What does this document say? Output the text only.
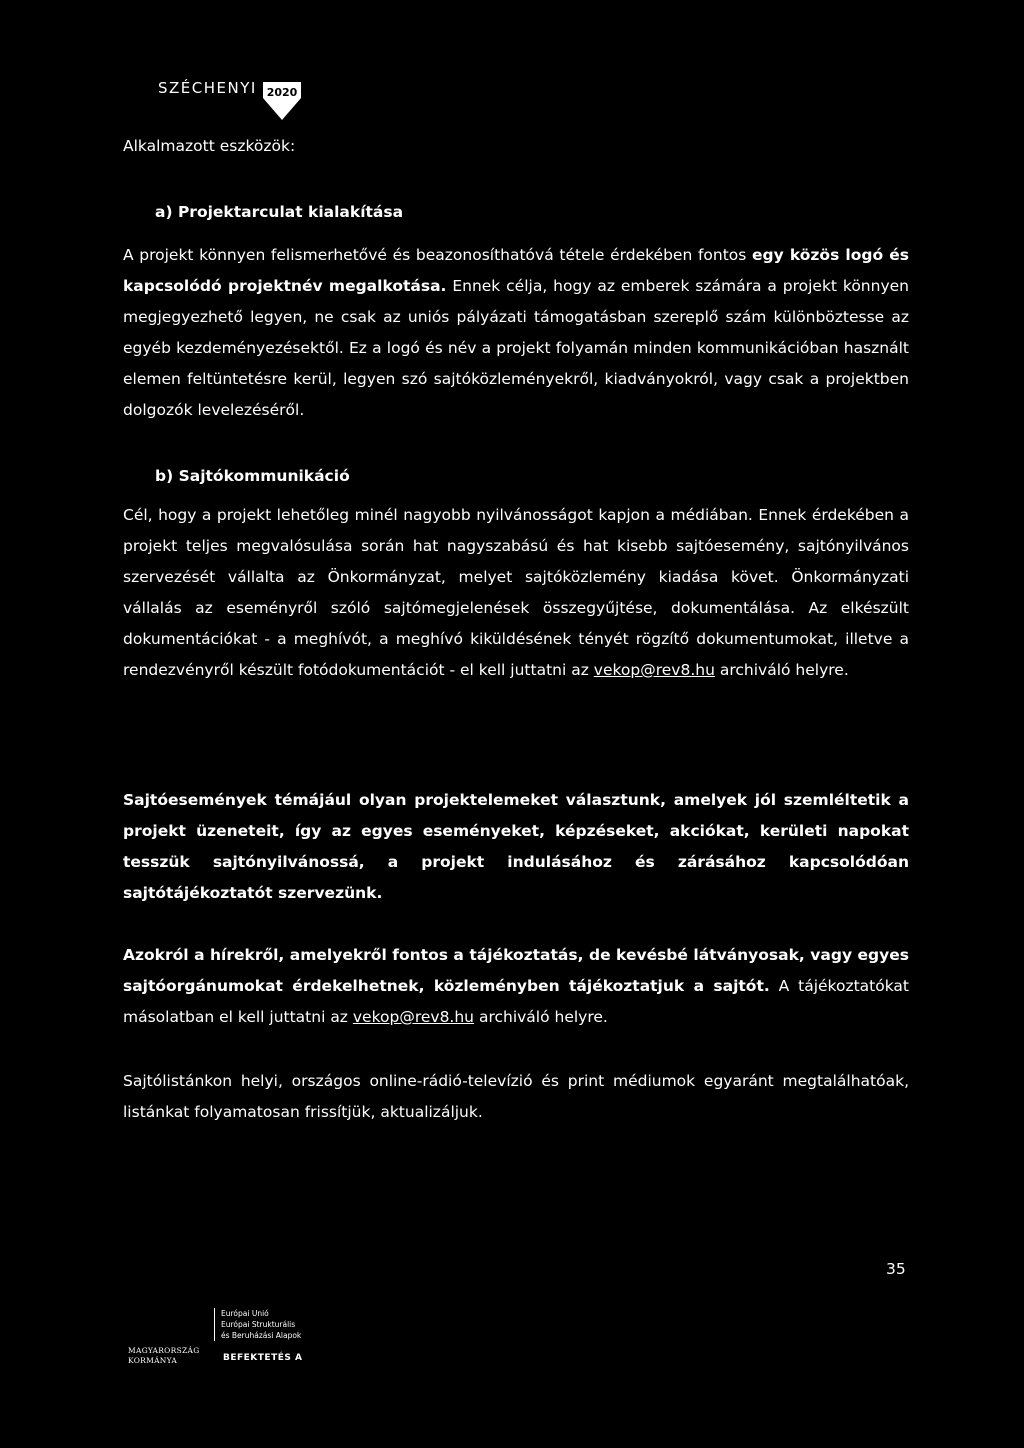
SZÉCHENYI 2020
Alkalmazott eszközök:
a) Projektarculat kialakítása

A projekt könnyen felismerhetővé és beazonosíthatóvá tétele érdekében fontos egy közös logó és kapcsolódó projektnév megalkotása. Ennek célja, hogy az emberek számára a projekt könnyen megjegyezhető legyen, ne csak az uniós pályázati támogatásban szereplő szám különböztesse az egyéb kezdeményezésektől. Ez a logó és név a projekt folyamán minden kommunikációban használt elemen feltüntetésre kerül, legyen szó sajtóközleményekről, kiadványokról, vagy csak a projektben dolgozók levelezéséről.

b) Sajtókommunikáció

Cél, hogy a projekt lehetőleg minél nagyobb nyilvánosságot kapjon a médiában. Ennek érdekében a projekt teljes megvalósulása során hat nagyszabású és hat kisebb sajtóesemény, sajtónyilvános szervezését vállalta az Önkormányzat, melyet sajtóközlemény kiadása követ. Önkormányzati vállalás az eseményről szóló sajtómegjelenések összegyűjtése, dokumentálása. Az elkészült dokumentációkat - a meghívót, a meghívó kiküldésének tényét rögzítő dokumentumokat, illetve a rendezvényről készült fotódokumentációt - el kell juttatni az vekop@rev8.hu archiváló helyre.

Sajtóesemények témájául olyan projektelemeket választunk, amelyek jól szemléltetik a projekt üzeneteit, így az egyes eseményeket, képzéseket, akciókat, kerületi napokat tesszük sajtónyilvánossá, a projekt indulásához és zárásához kapcsolódóan sajtótájékoztatót szervezünk.

Azokról a hírekről, amelyekről fontos a tájékoztatás, de kevésbé látványosak, vagy egyes sajtóorgánumokat érdekelhetnek, közleményben tájékoztatjuk a sajtót. A tájékoztatókat másolatban el kell juttatni az vekop@rev8.hu archiváló helyre.

Sajtólistánkon helyi, országos online-rádió-televízió és print médiumok egyaránt megtalálhatóak, listánkat folyamatosan frissítjük, aktualizáljuk.

35
Európai Unió
Európai Strukturális
és Beruházási Alapok
MAGYARORSZÁG
KORMÁNYA	BEFEKTETÉS A
